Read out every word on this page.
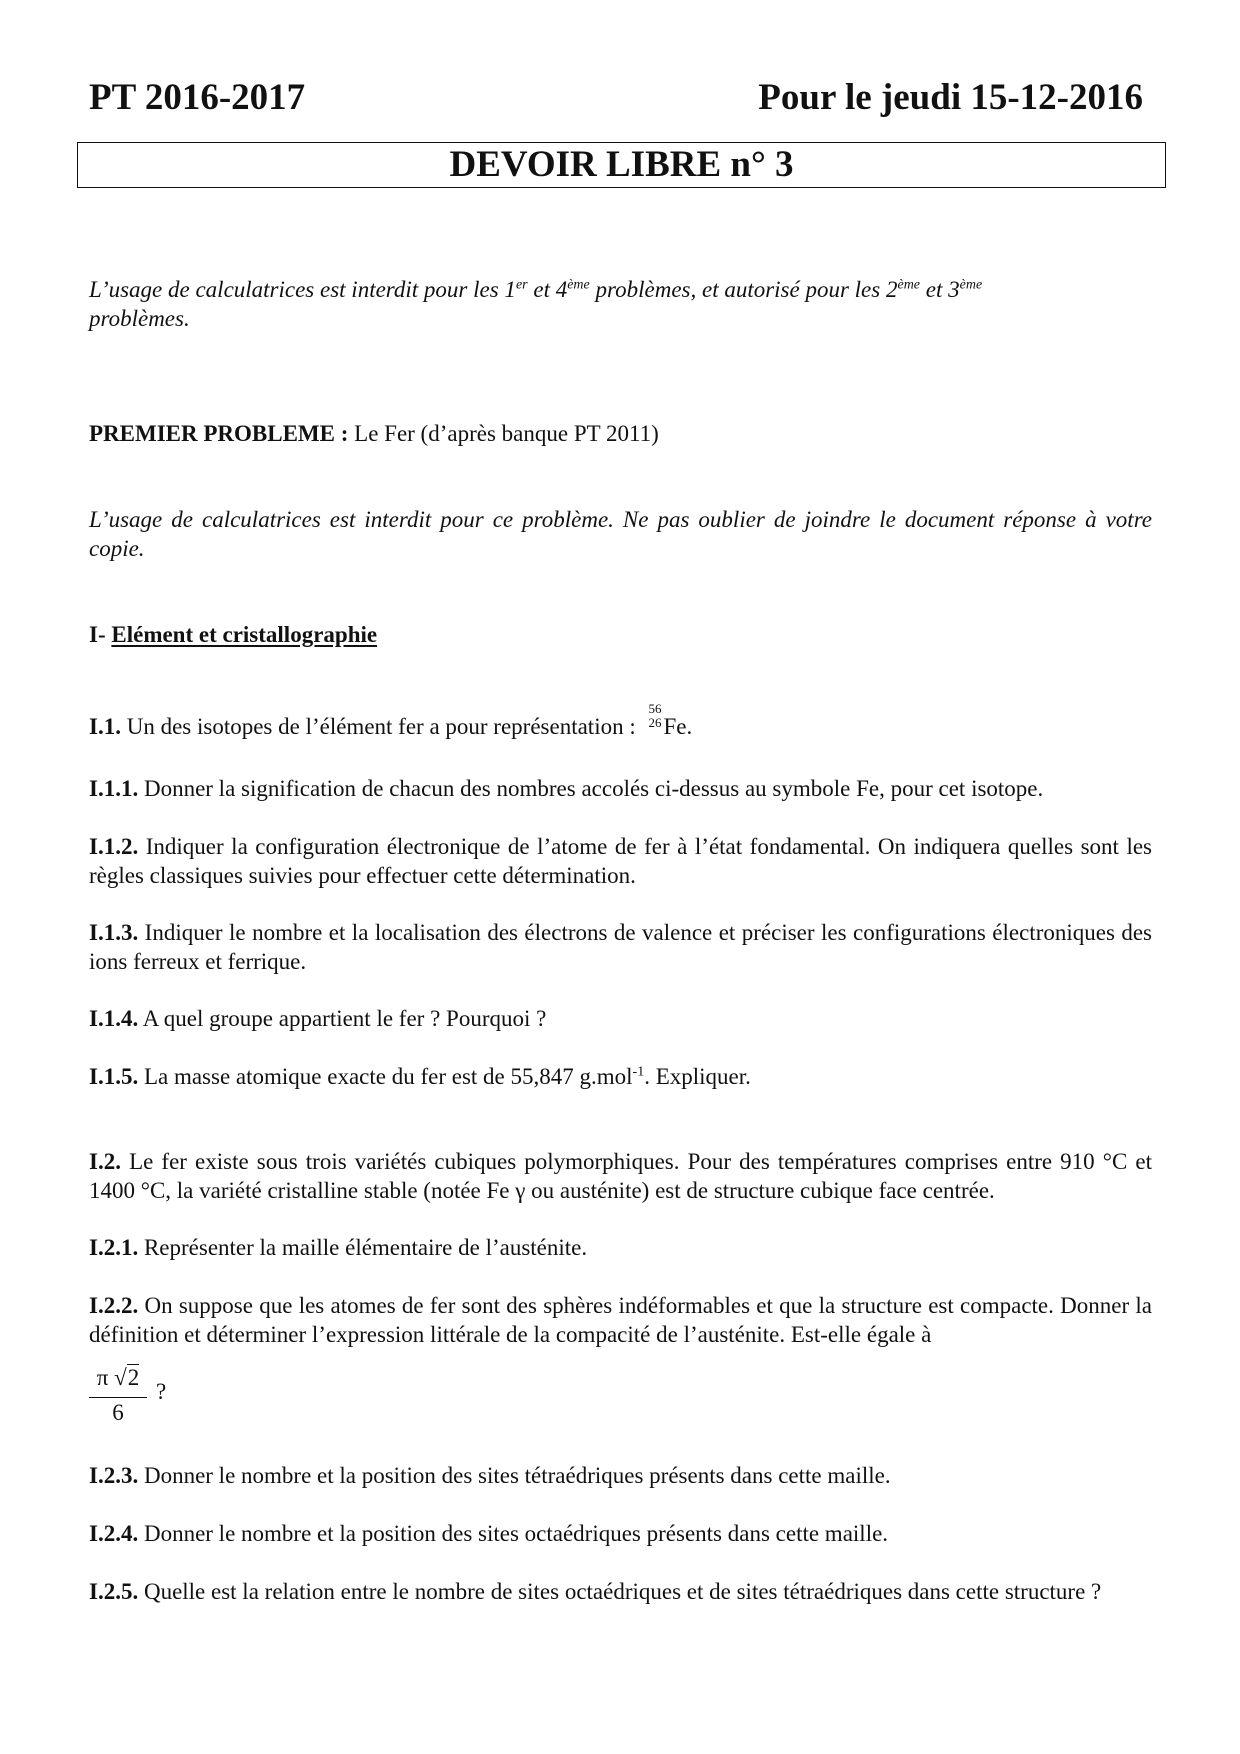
PT 2016-2017	Pour le jeudi 15-12-2016
DEVOIR LIBRE n° 3
L’usage de calculatrices est interdit pour les 1er et 4ème problèmes, et autorisé pour les 2ème et 3ème
problèmes.
PREMIER PROBLEME : Le Fer (d’après banque PT 2011)
L’usage de calculatrices est interdit pour ce problème. Ne pas oublier de joindre le document réponse à votre copie.
I- Elément et cristallographie
I.1. Un des isotopes de l’élément fer a pour représentation :
56
26 Fe.
I.1.1. Donner la signification de chacun des nombres accolés ci-dessus au symbole Fe, pour cet isotope.
I.1.2. Indiquer la configuration électronique de l’atome de fer à l’état fondamental. On indiquera quelles sont les règles classiques suivies pour effectuer cette détermination.
I.1.3. Indiquer le nombre et la localisation des électrons de valence et préciser les configurations électroniques des ions ferreux et ferrique.
I.1.4. A quel groupe appartient le fer ? Pourquoi ?
I.1.5. La masse atomique exacte du fer est de 55,847 g.mol$^{-1}$. Expliquer.
I.2. Le fer existe sous trois variétés cubiques polymorphiques. Pour des températures comprises entre 910 °C et 1400 °C, la variété cristalline stable (notée Fe γ ou austénite) est de structure cubique face centrée.
I.2.1. Représenter la maille élémentaire de l’austénite.
I.2.2. On suppose que les atomes de fer sont des sphères indéformables et que la structure est compacte. Donner la définition et déterminer l’expression littérale de la compacité de l’austénite. Est-elle égale à
π √2
6
?
I.2.3. Donner le nombre et la position des sites tétraédriques présents dans cette maille.
I.2.4. Donner le nombre et la position des sites octaédriques présents dans cette maille.
I.2.5. Quelle est la relation entre le nombre de sites octaédriques et de sites tétraédriques dans cette structure ?
